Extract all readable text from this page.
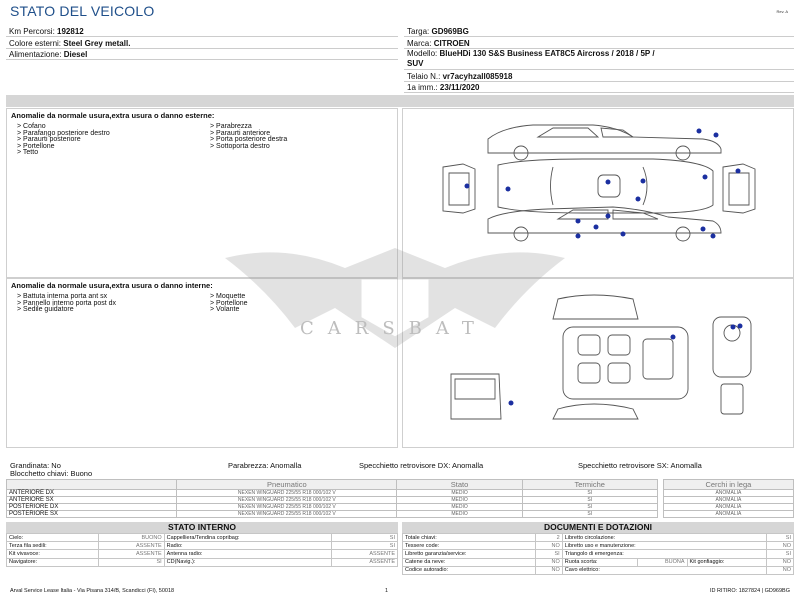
STATO DEL VEICOLO	Rev. A
Km Percorsi: 192812
Colore esterni: Steel Grey metall.
Alimentazione: Diesel
Targa: GD969BG
Marca: CITROEN
Modello: BlueHDi 130 S&S Business EAT8C5 Aircross / 2018 / 5P /
SUV
Telaio N.: vr7acyhzall085918
1a imm.: 23/11/2020
Anomalie da normale usura,extra usura o danno esterne:
> Cofano
> Parafango posteriore destro
> Paraurti posteriore
> Portellone
> Tetto
> Parabrezza
> Paraurti anteriore
> Porta posteriore destra
> Sottoporta destro
Anomalie da normale usura,extra usura o danno interne:
> Battuta interna porta ant sx
> Pannello interno porta post dx
> Sedile guidatore
> Moquette
> Portellone
> Volante
CARSBAT
Grandinata: No
Blocchetto chiavi: Buono
Parabrezza: Anomalla	Specchietto retrovisore DX: Anomalla	Specchietto retrovisore SX: Anomalla
	Pneumatico	Stato	Termiche		Cerchi in lega
ANTERIORE DX	NEXEN WINGUARD 225/55 R18 000/102 V	MEDIO	SI		ANOMALIA
ANTERIORE SX	NEXEN WINGUARD 225/55 R18 000/102 V	MEDIO	SI		ANOMALIA
POSTERIORE DX	NEXEN WINGUARD 225/55 R18 000/102 V	MEDIO	SI		ANOMALIA
POSTERIORE SX	NEXEN WINGUARD 225/55 R18 000/102 V	MEDIO	SI		ANOMALIA
STATO INTERNO
Cielo:	BUONO	Cappelliera/Tendina copribag:	SI
Terza fila sedili:	ASSENTE	Radio:	SI
Kit vivavoce:	ASSENTE	Antenna radio:	ASSENTE
Navigatore:	SI	CD(Navig.):	ASSENTE
DOCUMENTI E DOTAZIONI
Totale chiavi:	2	Libretto circolazione:			SI
Tessere code:	NO	Libretto uso e manutenzione:			NO
Libretto garanzia/service:	SI	Triangolo di emergenza:			SI
Catene da neve:	NO	Ruota scorta:	BUONA	Kit gonfiaggio:	NO
Codice autoradio:	NO	Cavo elettrico:			NO
Arval Service Lease Italia - Via Pisana 314/B, Scandicci (FI), 50018	1	ID RITIRO: 1827824 | GD969BG
